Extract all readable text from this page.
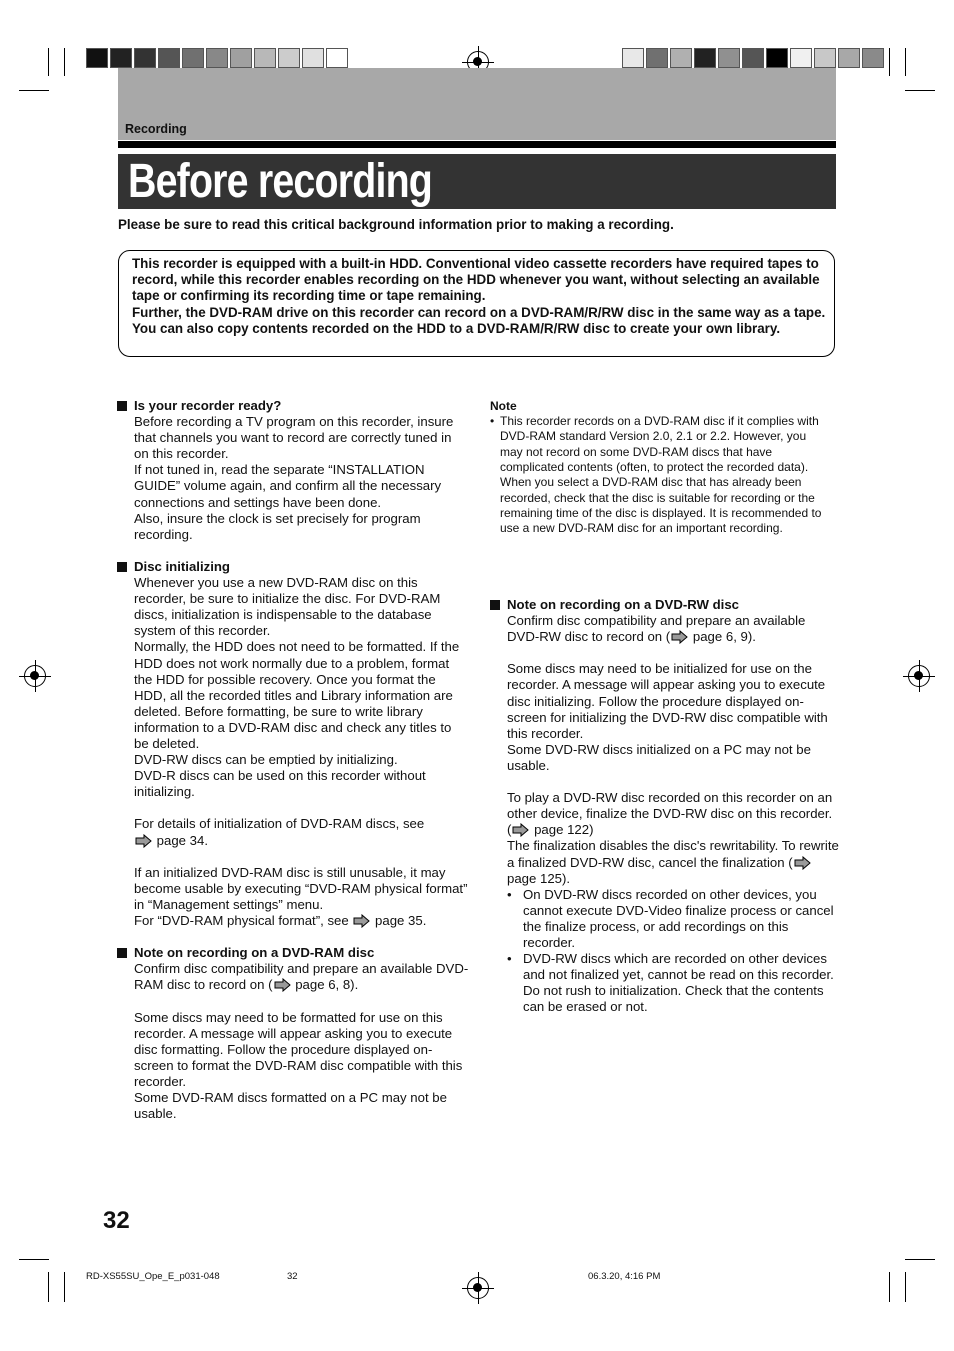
Recording
Before recording
Please be sure to read this critical background information prior to making a recording.

This recorder is equipped with a built-in HDD. Conventional video cassette recorders have required tapes to record, while this recorder enables recording on the HDD whenever you want, without selecting an available tape or confirming its recording time or tape remaining.

Further, the DVD-RAM drive on this recorder can record on a DVD-RAM/R/RW disc in the same way as a tape. You can also copy contents recorded on the HDD to a DVD-RAM/R/RW disc to create your own library.

Is your recorder ready?

Before recording a TV program on this recorder, insure that channels you want to record are correctly tuned in on this recorder.

If not tuned in, read the separate “INSTALLATION GUIDE” volume again, and confirm all the necessary connections and settings have been done.

Also, insure the clock is set precisely for program recording.

Disc initializing

Whenever you use a new DVD-RAM disc on this recorder, be sure to initialize the disc. For DVD-RAM discs, initialization is indispensable to the database system of this recorder.

Normally, the HDD does not need to be formatted. If the HDD does not work normally due to a problem, format the HDD for possible recovery. Once you format the HDD, all the recorded titles and Library information are deleted. Before formatting, be sure to write library information to a DVD-RAM disc and check any titles to be deleted.

DVD-RW discs can be emptied by initializing.

DVD-R discs can be used on this recorder without initializing.

For details of initialization of DVD-RAM discs, see
page 34.

If an initialized DVD-RAM disc is still unusable, it may become usable by executing “DVD-RAM physical format” in “Management settings” menu.

For “DVD-RAM physical format”, see page 35.

Note on recording on a DVD-RAM disc

Confirm disc compatibility and prepare an available DVD-RAM disc to record on ( page 6, 8).

Some discs may need to be formatted for use on this recorder. A message will appear asking you to execute disc formatting. Follow the procedure displayed on-screen to format the DVD-RAM disc compatible with this recorder.

Some DVD-RAM discs formatted on a PC may not be usable.

Note

• This recorder records on a DVD-RAM disc if it complies with DVD-RAM standard Version 2.0, 2.1 or 2.2. However, you may not record on some DVD-RAM discs that have complicated contents (often, to protect the recorded data). When you select a DVD-RAM disc that has already been recorded, check that the disc is suitable for recording or the remaining time of the disc is displayed. It is recommended to use a new DVD-RAM disc for an important recording.

Note on recording on a DVD-RW disc

Confirm disc compatibility and prepare an available DVD-RW disc to record on ( page 6, 9).

Some discs may need to be initialized for use on the recorder. A message will appear asking you to execute disc initializing. Follow the procedure displayed on-screen for initializing the DVD-RW disc compatible with this recorder.

Some DVD-RW discs initialized on a PC may not be usable.

To play a DVD-RW disc recorded on this recorder on an other device, finalize the DVD-RW disc on this recorder. ( page 122)

The finalization disables the disc's rewritability. To rewrite a finalized DVD-RW disc, cancel the finalization ( page 125).

• On DVD-RW discs recorded on other devices, you cannot execute DVD-Video finalize process or cancel the finalize process, or add recordings on this recorder.
• DVD-RW discs which are recorded on other devices and not finalized yet, cannot be read on this recorder. Do not rush to initialization. Check that the contents can be erased or not.
32
RD-XS55SU_Ope_E_p031-048	32	06.3.20, 4:16 PM
